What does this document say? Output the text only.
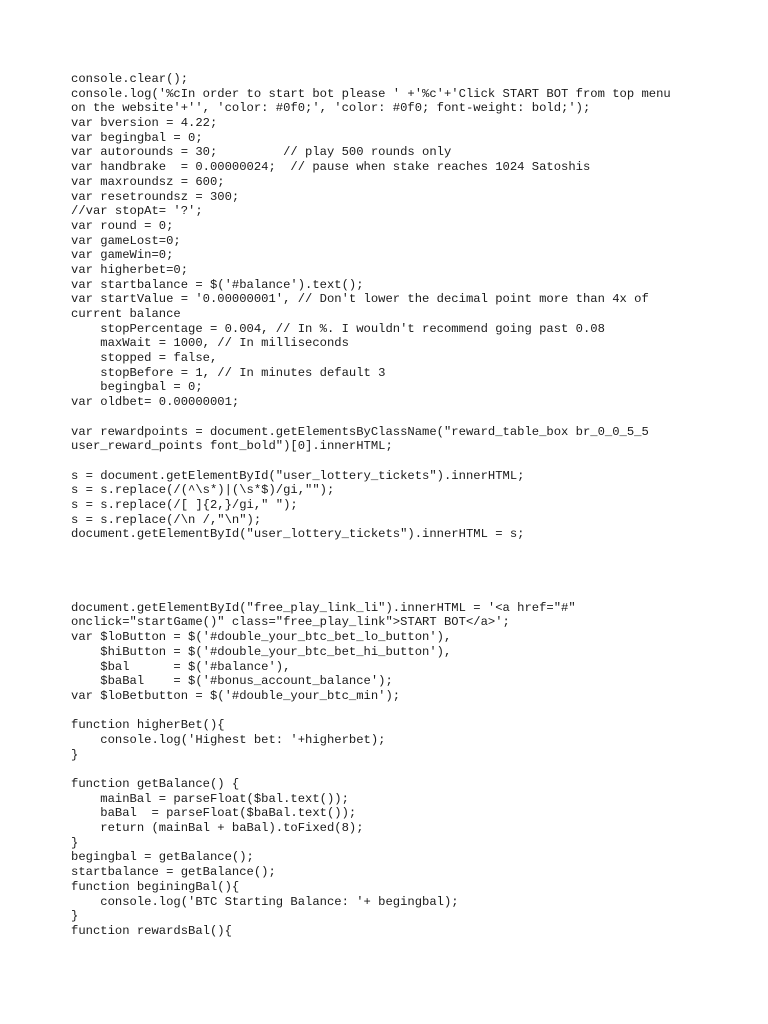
console.clear();
console.log('%cIn order to start bot please ' +'%c'+'Click START BOT from top menu
on the website'+'', 'color: #0f0;', 'color: #0f0; font-weight: bold;');
var bversion = 4.22;
var begingbal = 0;
var autorounds = 30;         // play 500 rounds only
var handbrake  = 0.00000024;  // pause when stake reaches 1024 Satoshis
var maxroundsz = 600;
var resetroundsz = 300;
//var stopAt= '?';
var round = 0;
var gameLost=0;
var gameWin=0;
var higherbet=0;
var startbalance = $('#balance').text();
var startValue = '0.00000001', // Don't lower the decimal point more than 4x of
current balance
stopPercentage = 0.004, // In %. I wouldn't recommend going past 0.08
maxWait = 1000, // In milliseconds
stopped = false,
stopBefore = 1, // In minutes default 3
begingbal = 0;
var oldbet= 0.00000001;
var rewardpoints = document.getElementsByClassName("reward_table_box br_0_0_5_5
user_reward_points font_bold")[0].innerHTML;
s = document.getElementById("user_lottery_tickets").innerHTML;
s = s.replace(/(^\s*)|(\s*$)/gi,"");
s = s.replace(/[ ]{2,}/gi," ");
s = s.replace(/\n /,"\n");
document.getElementById("user_lottery_tickets").innerHTML = s;
document.getElementById("free_play_link_li").innerHTML = '<a href="#"
onclick="startGame()" class="free_play_link">START BOT</a>';
var $loButton = $('#double_your_btc_bet_lo_button'),
$hiButton = $('#double_your_btc_bet_hi_button'),
$bal      = $('#balance'),
$baBal    = $('#bonus_account_balance');
var $loBetbutton = $('#double_your_btc_min');
function higherBet(){
console.log('Highest bet: '+higherbet);
}
function getBalance() {
mainBal = parseFloat($bal.text());
baBal  = parseFloat($baBal.text());
return (mainBal + baBal).toFixed(8);
}
begingbal = getBalance();
startbalance = getBalance();
function beginingBal(){
console.log('BTC Starting Balance: '+ begingbal);
}
function rewardsBal(){
